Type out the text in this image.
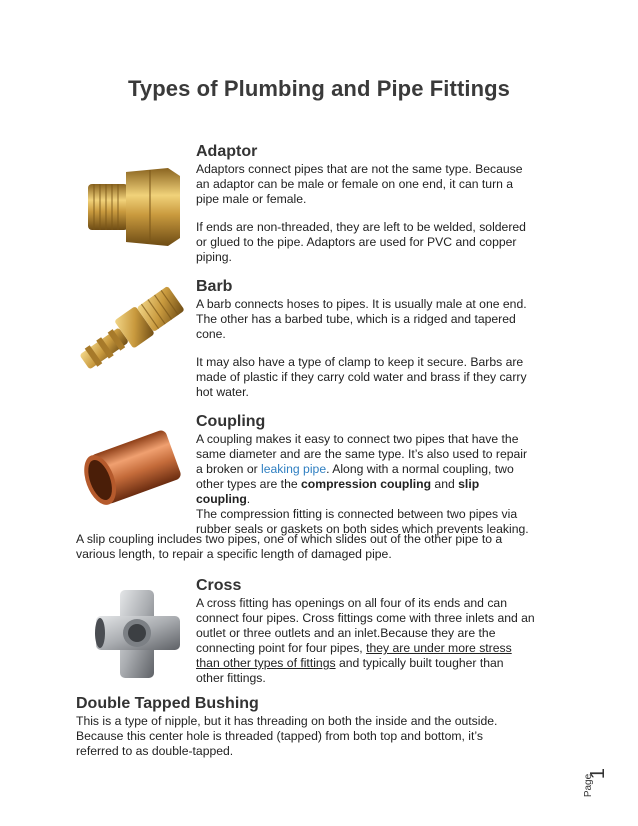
Types of Plumbing and Pipe Fittings
Adaptor

Adaptors connect pipes that are not the same type. Because

an adaptor can be male or female on one end, it can turn a

pipe male or female.

If ends are non-threaded, they are left to be welded, soldered

or glued to the pipe. Adaptors are used for PVC and copper

piping.

Barb

A barb connects hoses to pipes. It is usually male at one end.

The other has a barbed tube, which is a ridged and tapered

cone.

It may also have a type of clamp to keep it secure. Barbs are

made of plastic if they carry cold water and brass if they carry

hot water.

Coupling

A coupling makes it easy to connect two pipes that have the

same diameter and are the same type. It’s also used to repair

a broken or leaking pipe. Along with a normal coupling, two

other types are the compression coupling and slip

coupling.

The compression fitting is connected between two pipes via

rubber seals or gaskets on both sides which prevents leaking.

A slip coupling includes two pipes, one of which slides out of the other pipe to a

various length, to repair a specific length of damaged pipe.

Cross

A cross fitting has openings on all four of its ends and can

connect four pipes. Cross fittings come with three inlets and an

outlet or three outlets and an inlet.Because they are the

connecting point for four pipes, they are under more stress

than other types of fittings and typically built tougher than

other fittings.

Double Tapped Bushing

This is a type of nipple, but it has threading on both the inside and the outside.

Because this center hole is threaded (tapped) from both top and bottom, it’s

referred to as double-tapped.

Page
1
